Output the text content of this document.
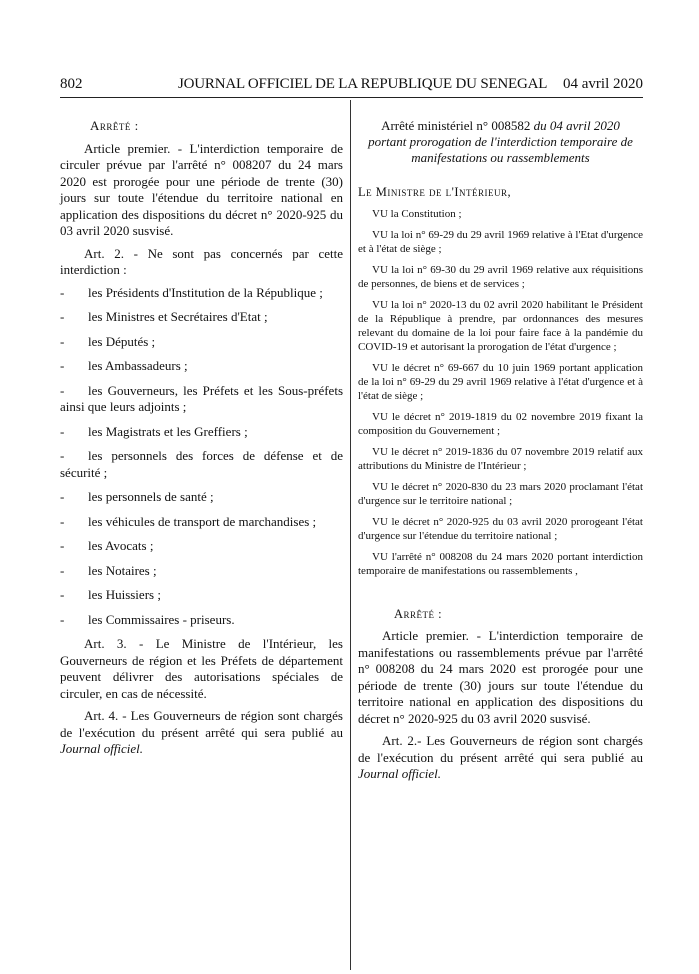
802	JOURNAL OFFICIEL DE LA REPUBLIQUE DU SENEGAL 04 avril 2020

Arrêté :

Article premier. - L'interdiction temporaire de circuler prévue par l'arrêté n° 008207 du 24 mars 2020 est prorogée pour une période de trente (30) jours sur toute l'étendue du territoire national en application des dispositions du décret n° 2020-925 du 03 avril 2020 susvisé.

Art. 2. - Ne sont pas concernés par cette interdiction :

- les Présidents d'Institution de la République ;

- les Ministres et Secrétaires d'Etat ;

- les Députés ;

- les Ambassadeurs ;

- les Gouverneurs, les Préfets et les Sous-préfets ainsi que leurs adjoints ;

- les Magistrats et les Greffiers ;

- les personnels des forces de défense et de sécurité ;

- les personnels de santé ;

- les véhicules de transport de marchandises ;

- les Avocats ;

- les Notaires ;

- les Huissiers ;

- les Commissaires - priseurs.

Art. 3. - Le Ministre de l'Intérieur, les Gouverneurs de région et les Préfets de département peuvent délivrer des autorisations spéciales de circuler, en cas de nécessité.

Art. 4. - Les Gouverneurs de région sont chargés de l'exécution du présent arrêté qui sera publié au Journal officiel.

Arrêté ministériel n° 008582 du 04 avril 2020 portant prorogation de l'interdiction temporaire de manifestations ou rassemblements

Le Ministre de l'Intérieur,

VU la Constitution ;

VU la loi n° 69-29 du 29 avril 1969 relative à l'Etat d'urgence et à l'état de siège ;

VU la loi n° 69-30 du 29 avril 1969 relative aux réquisitions de personnes, de biens et de services ;

VU la loi n° 2020-13 du 02 avril 2020 habilitant le Président de la République à prendre, par ordonnances des mesures relevant du domaine de la loi pour faire face à la pandémie du COVID-19 et autorisant la prorogation de l'état d'urgence ;

VU le décret n° 69-667 du 10 juin 1969 portant application de la loi n° 69-29 du 29 avril 1969 relative à l'état d'urgence et à l'état de siège ;

VU le décret n° 2019-1819 du 02 novembre 2019 fixant la composition du Gouvernement ;

VU le décret n° 2019-1836 du 07 novembre 2019 relatif aux attributions du Ministre de l'Intérieur ;

VU le décret n° 2020-830 du 23 mars 2020 proclamant l'état d'urgence sur le territoire national ;

VU le décret n° 2020-925 du 03 avril 2020 prorogeant l'état d'urgence sur l'étendue du territoire national ;

VU l'arrêté n° 008208 du 24 mars 2020 portant interdiction temporaire de manifestations ou rassemblements ,

Arrêté :

Article premier. - L'interdiction temporaire de manifestations ou rassemblements prévue par l'arrêté n° 008208 du 24 mars 2020 est prorogée pour une période de trente (30) jours sur toute l'étendue du territoire national en application des dispositions du décret n° 2020-925 du 03 avril 2020 susvisé.

Art. 2.- Les Gouverneurs de région sont chargés de l'exécution du présent arrêté qui sera publié au Journal officiel.
